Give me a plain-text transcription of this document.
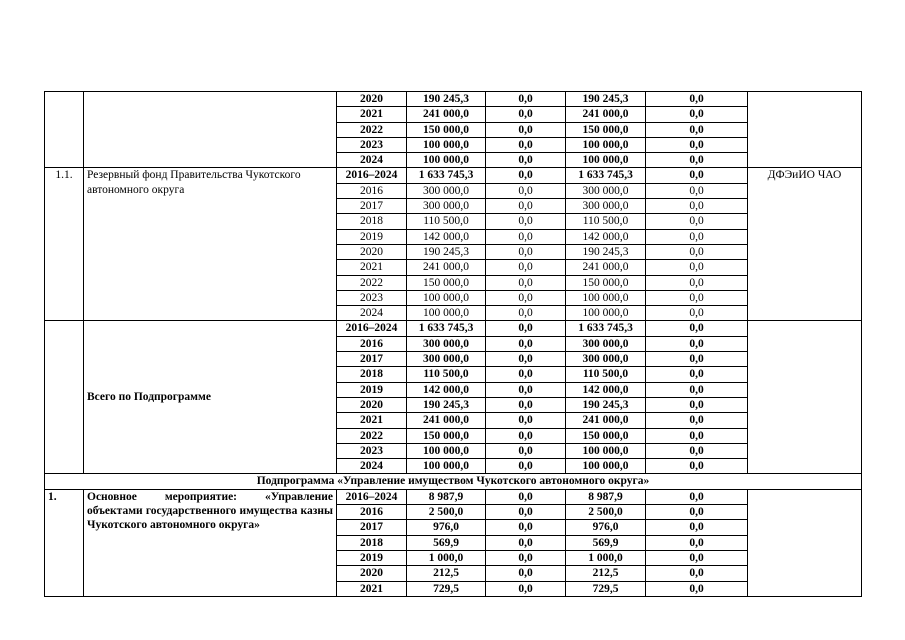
		2020	190 245,3	0,0	190 245,3	0,0	
		2021	241 000,0	0,0	241 000,0	0,0	
		2022	150 000,0	0,0	150 000,0	0,0	
		2023	100 000,0	0,0	100 000,0	0,0	
		2024	100 000,0	0,0	100 000,0	0,0	
1.1.	Резервный фонд Правительства Чукотского автономного округа	2016–2024	1 633 745,3	0,0	1 633 745,3	0,0	ДФЭиИО ЧАО
		2016	300 000,0	0,0	300 000,0	0,0	
		2017	300 000,0	0,0	300 000,0	0,0	
		2018	110 500,0	0,0	110 500,0	0,0	
		2019	142 000,0	0,0	142 000,0	0,0	
		2020	190 245,3	0,0	190 245,3	0,0	
		2021	241 000,0	0,0	241 000,0	0,0	
		2022	150 000,0	0,0	150 000,0	0,0	
		2023	100 000,0	0,0	100 000,0	0,0	
		2024	100 000,0	0,0	100 000,0	0,0	
	Всего по Подпрограмме	2016–2024	1 633 745,3	0,0	1 633 745,3	0,0	
		2016	300 000,0	0,0	300 000,0	0,0	
		2017	300 000,0	0,0	300 000,0	0,0	
		2018	110 500,0	0,0	110 500,0	0,0	
		2019	142 000,0	0,0	142 000,0	0,0	
		2020	190 245,3	0,0	190 245,3	0,0	
		2021	241 000,0	0,0	241 000,0	0,0	
		2022	150 000,0	0,0	150 000,0	0,0	
		2023	100 000,0	0,0	100 000,0	0,0	
		2024	100 000,0	0,0	100 000,0	0,0	
Подпрограмма «Управление имуществом Чукотского автономного округа»							
1.	Основное мероприятие: «Управление объектами государственного имущества казны Чукотского автономного округа»	2016–2024	8 987,9	0,0	8 987,9	0,0	
		2016	2 500,0	0,0	2 500,0	0,0	
		2017	976,0	0,0	976,0	0,0	
		2018	569,9	0,0	569,9	0,0	
		2019	1 000,0	0,0	1 000,0	0,0	
		2020	212,5	0,0	212,5	0,0	
		2021	729,5	0,0	729,5	0,0	
